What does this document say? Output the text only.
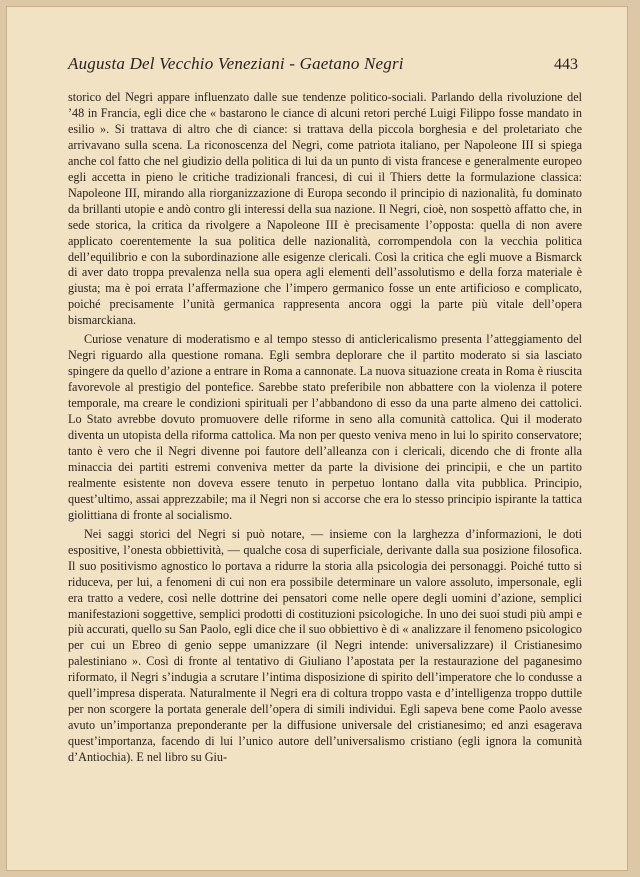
Augusta Del Vecchio Veneziani - Gaetano Negri	443

storico del Negri appare influenzato dalle sue tendenze politico-sociali. Parlando della rivoluzione del ’48 in Francia, egli dice che « bastarono le ciance di alcuni retori perché Luigi Filippo fosse mandato in esilio ». Si trattava di altro che di ciance: si trattava della piccola borghesia e del proletariato che arrivavano sulla scena. La riconoscenza del Negri, come patriota italiano, per Napoleone III si spiega anche col fatto che nel giudizio della politica di lui da un punto di vista francese e generalmente europeo egli accetta in pieno le critiche tradizionali francesi, di cui il Thiers dette la formulazione classica: Napoleone III, mirando alla riorganizzazione di Europa secondo il principio di nazionalità, fu dominato da brillanti utopie e andò contro gli interessi della sua nazione. Il Negri, cioè, non sospettò affatto che, in sede storica, la critica da rivolgere a Napoleone III è precisamente l’opposta: quella di non avere applicato coerentemente la sua politica delle nazionalità, corrompendola con la vecchia politica dell’equilibrio e con la subordinazione alle esigenze clericali. Così la critica che egli muove a Bismarck di aver dato troppa prevalenza nella sua opera agli elementi dell’assolutismo e della forza materiale è giusta; ma è poi errata l’affermazione che l’impero germanico fosse un ente artificioso e complicato, poiché precisamente l’unità germanica rappresenta ancora oggi la parte più vitale dell’opera bismarckiana.

Curiose venature di moderatismo e al tempo stesso di anticlericalismo presenta l’atteggiamento del Negri riguardo alla questione romana. Egli sembra deplorare che il partito moderato si sia lasciato spingere da quello d’azione a entrare in Roma a cannonate. La nuova situazione creata in Roma è riuscita favorevole al prestigio del pontefice. Sarebbe stato preferibile non abbattere con la violenza il potere temporale, ma creare le condizioni spirituali per l’abbandono di esso da una parte almeno dei cattolici. Lo Stato avrebbe dovuto promuovere delle riforme in seno alla comunità cattolica. Qui il moderato diventa un utopista della riforma cattolica. Ma non per questo veniva meno in lui lo spirito conservatore; tanto è vero che il Negri divenne poi fautore dell’alleanza con i clericali, dicendo che di fronte alla minaccia dei partiti estremi conveniva metter da parte la divisione dei principii, e che un partito realmente esistente non doveva essere tenuto in perpetuo lontano dalla vita pubblica. Principio, quest’ultimo, assai apprezzabile; ma il Negri non si accorse che era lo stesso principio ispirante la tattica giolittiana di fronte al socialismo.

Nei saggi storici del Negri si può notare, — insieme con la larghezza d’informazioni, le doti espositive, l’onesta obbiettività, — qualche cosa di superficiale, derivante dalla sua posizione filosofica. Il suo positivismo agnostico lo portava a ridurre la storia alla psicologia dei personaggi. Poiché tutto si riduceva, per lui, a fenomeni di cui non era possibile determinare un valore assoluto, impersonale, egli era tratto a vedere, così nelle dottrine dei pensatori come nelle opere degli uomini d’azione, semplici manifestazioni soggettive, semplici prodotti di costituzioni psicologiche. In uno dei suoi studi più ampi e più accurati, quello su San Paolo, egli dice che il suo obbiettivo è di « analizzare il fenomeno psicologico per cui un Ebreo di genio seppe umanizzare (il Negri intende: universalizzare) il Cristianesimo palestiniano ». Così di fronte al tentativo di Giuliano l’apostata per la restaurazione del paganesimo riformato, il Negri s’indugia a scrutare l’intima disposizione di spirito dell’imperatore che lo condusse a quell’impresa disperata. Naturalmente il Negri era di coltura troppo vasta e d’intelligenza troppo duttile per non scorgere la portata generale dell’opera di simili individui. Egli sapeva bene come Paolo avesse avuto un’importanza preponderante per la diffusione universale del cristianesimo; ed anzi esagerava quest’importanza, facendo di lui l’unico autore dell’universalismo cristiano (egli ignora la comunità d’Antiochia). E nel libro su Giu-
